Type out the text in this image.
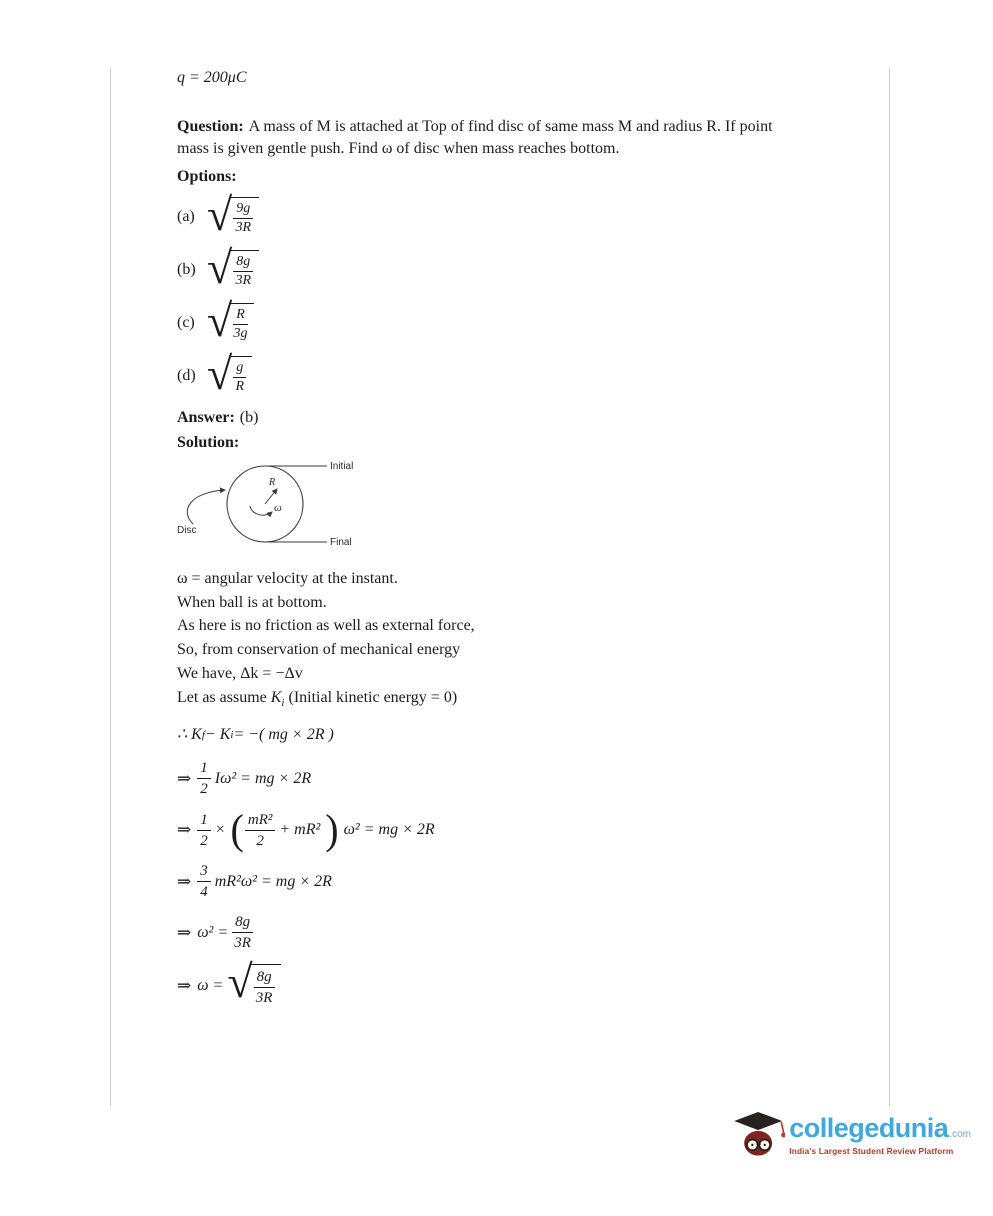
q = 200μC
Question: A mass of M is attached at Top of find disc of same mass M and radius R. If point
mass is given gentle push. Find ω of disc when mass reaches bottom.
Options:
(a) √ $\frac{9g}{3R}$
(b) √ $\frac{8g}{3R}$
(c) √ $\frac{R}{3g}$
(d) √ $\frac{g}{R}$
Answer: (b)
Solution:
Initial
Final
Disc
R
ω
ω = angular velocity at the instant.
When ball is at bottom.
As here is no friction as well as external force,
So, from conservation of mechanical energy
We have, Δk = −Δv
Let as assume $K_i$ (Initial kinetic energy = 0)
∴ K f − K i = −( mg × 2R )
⇒ $\frac{1}{2} I\omega^2$ = mg × 2R
⇒ $\frac{1}{2}$ × ( $\frac{\text{mR²}}{2} + mR^2$ ) ω² = mg × 2R
⇒ $\frac{3}{4} mR^2\omega^2$ = mg × 2R
⇒ $\omega^2 = \frac{8g}{3R}$
⇒ ω = √ $\frac{8g}{3R}$
collegedunia .com
India's Largest Student Review Platform
